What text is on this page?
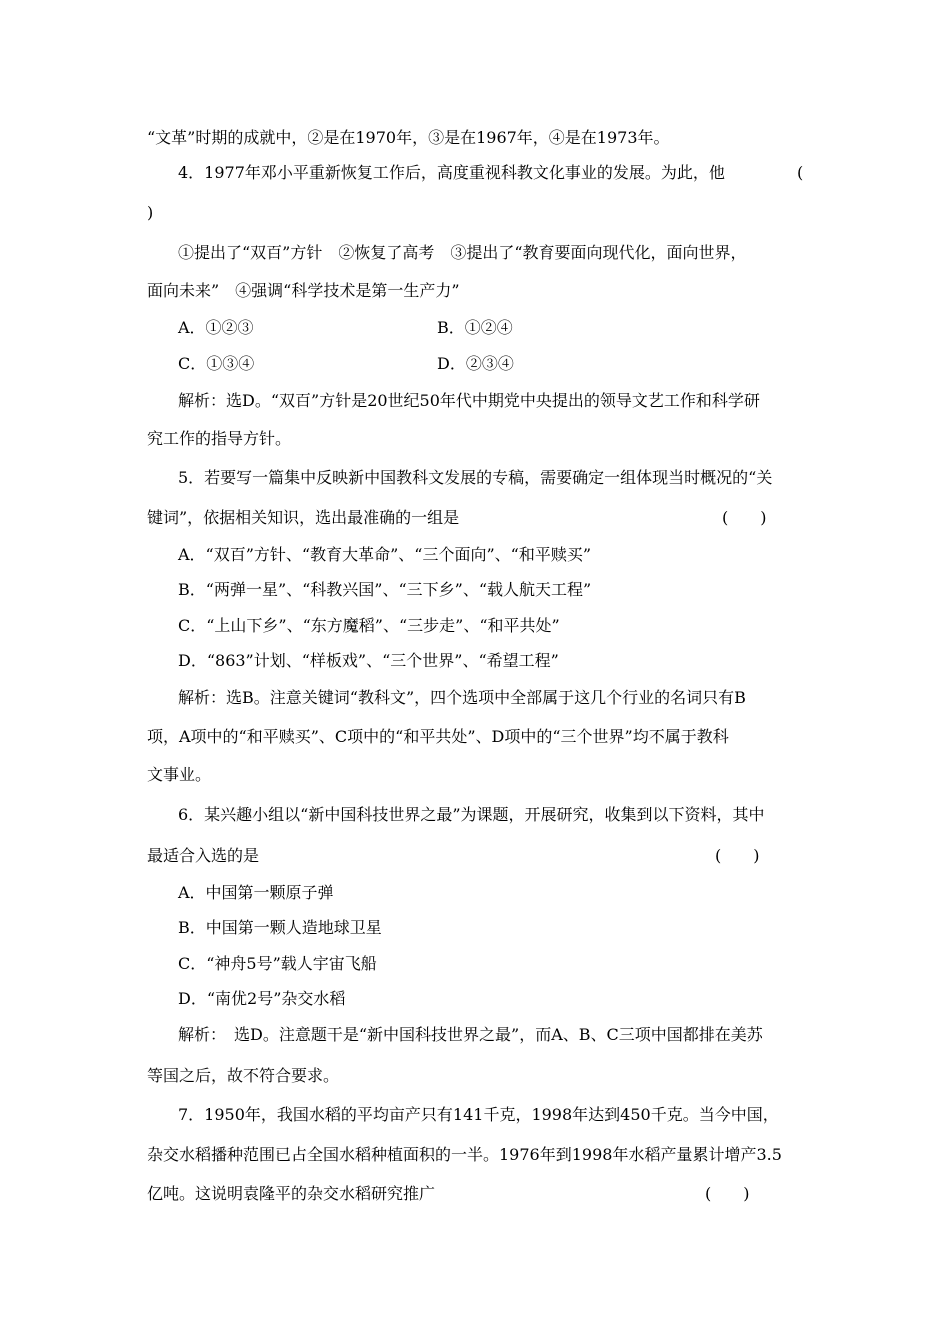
“文革”时期的成就中，②是在1970年，③是在1967年，④是在1973年。
4．1977年邓小平重新恢复工作后，高度重视科教文化事业的发展。为此，他	(
)
①提出了“双百”方针　②恢复了高考　③提出了“教育要面向现代化，面向世界，
面向未来”　④强调“科学技术是第一生产力”
A．①②③	B．①②④
C．①③④	D．②③④
解析：选D。“双百”方针是20世纪50年代中期党中央提出的领导文艺工作和科学研
究工作的指导方针。
5．若要写一篇集中反映新中国教科文发展的专稿，需要确定一组体现当时概况的“关
键词”，依据相关知识，选出最准确的一组是	(　　)
A．“双百”方针、“教育大革命”、“三个面向”、“和平赎买”
B．“两弹一星”、“科教兴国”、“三下乡”、“载人航天工程”
C．“上山下乡”、“东方魔稻”、“三步走”、“和平共处”
D．“863”计划、“样板戏”、“三个世界”、“希望工程”
解析：选B。注意关键词“教科文”，四个选项中全部属于这几个行业的名词只有B
项，A项中的“和平赎买”、C项中的“和平共处”、D项中的“三个世界”均不属于教科
文事业。
6．某兴趣小组以“新中国科技世界之最”为课题，开展研究，收集到以下资料，其中
最适合入选的是	(　　)
A．中国第一颗原子弹
B．中国第一颗人造地球卫星
C．“神舟5号”载人宇宙飞船
D．“南优2号”杂交水稻
解析：　选D。注意题干是“新中国科技世界之最”，而A、B、C三项中国都排在美苏
等国之后，故不符合要求。
7．1950年，我国水稻的平均亩产只有141千克，1998年达到450千克。当今中国，
杂交水稻播种范围已占全国水稻种植面积的一半。1976年到1998年水稻产量累计增产3.5
亿吨。这说明袁隆平的杂交水稻研究推广	(　　)
